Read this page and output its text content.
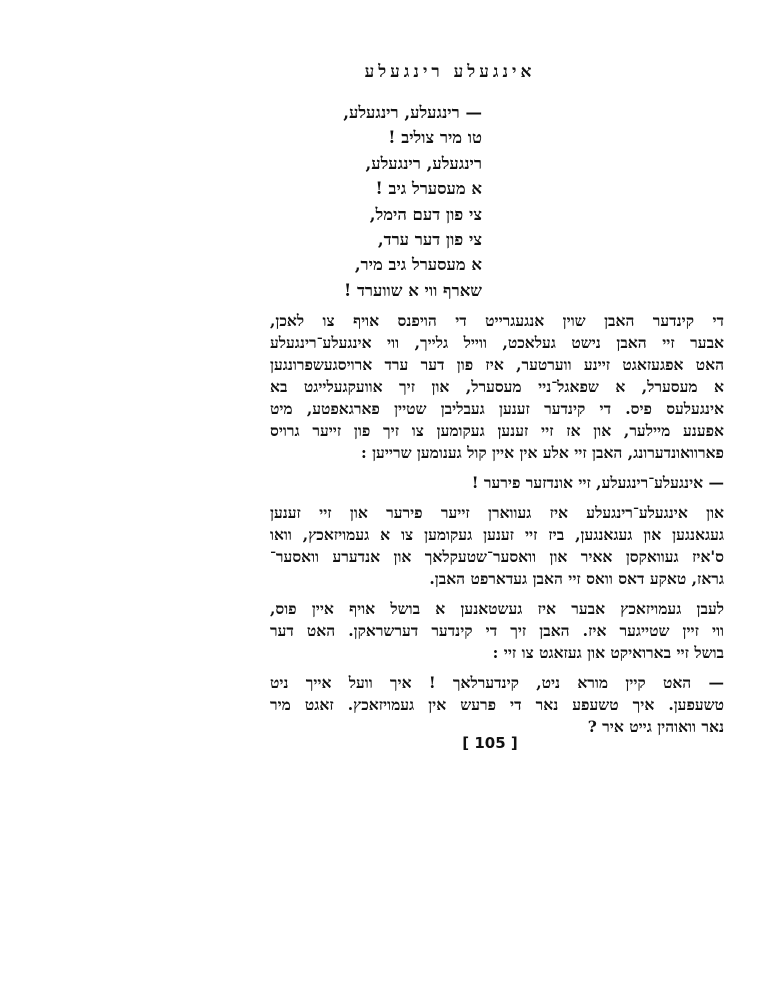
אינגעלע רינגעלע
— רינגעלע, רינגעלע,
טו מיר צוליב !
רינגעלע, רינגעלע,
א מעסערל גיב !
צי פון דעם הימל,
צי פון דער ערד,
א מעסערל גיב מיר,
שארף ווי א שווערד !
די קינדער האבן שוין אנגעגרייט די הויפנס אויף צו לאכן,
אבער זיי האבן נישט געלאכט, ווייל גלייך, ווי אינגעלע־רינגעלע
האט אפגעזאגט זיינע ווערטער, איז פון דער ערד ארויסגעשפרונגען
א מעסערל, א שפאגל־ניי מעסערל, און זיך אוועקגעלייגט בא
אינגעלעס פיס. די קינדער זענען געבליבן שטיין פארגאפטע, מיט
אפענע מיילער, און אז זיי זענען געקומען צו זיך פון זייער גרויס
פארוואונדערונג, האבן זיי אלע אין איין קול גענומען שרייען :
— אינגעלע־רינגעלע, זיי אונדזער פירער !
און אינגעלע־רינגעלע איז געווארן זייער פירער און זיי זענען
געגאנגען און געגאנגען, ביז זיי זענען געקומען צו א געמויזאכץ, וואו
ס'איז געוואקסן אאיר און וואסער־שטעקלאך און אנדערע וואסער־
גראז, טאקע דאס וואס זיי האבן געדארפט האבן.
לעבן געמויזאכץ אבער איז געשטאנען א בושל אויף איין פוס,
ווי זיין שטייגער איז. האבן זיך די קינדער דערשראקן. האט דער
בושל זיי בארואיקט און געזאגט צו זיי :
— האט קיין מורא ניט, קינדערלאך ! איך וועל אייך ניט
טשעפען. איך טשעפע נאר די פרעש אין געמויזאכץ. זאגט מיר
נאר וואוהין גייט איר ?
[ 105 ]
